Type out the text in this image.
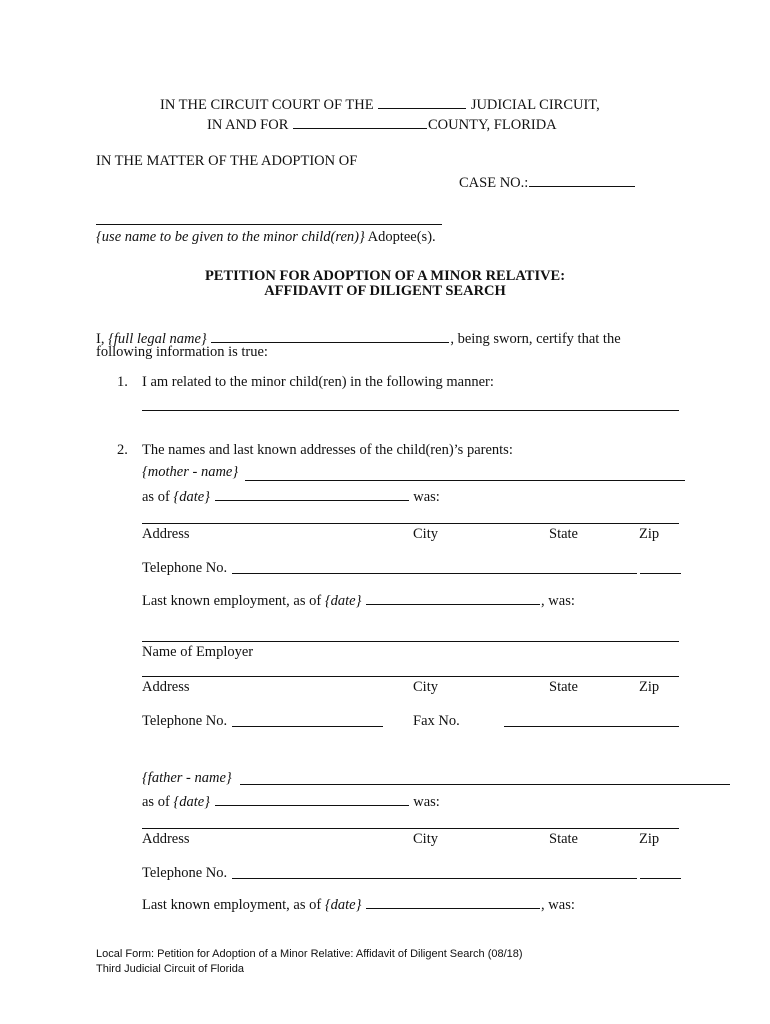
IN THE CIRCUIT COURT OF THE	JUDICIAL CIRCUIT,
IN AND FOR	COUNTY, FLORIDA
IN THE MATTER OF THE ADOPTION OF
CASE NO.:
{use name to be given to the minor child(ren)} Adoptee(s).
PETITION FOR ADOPTION OF A MINOR RELATIVE:
AFFIDAVIT OF DILIGENT SEARCH
I, {full legal name}	, being sworn, certify that the
following information is true:
1. I am related to the minor child(ren) in the following manner:
2. The names and last known addresses of the child(ren)’s parents:
{mother - name}
as of {date}	was:
Address	City	State	Zip
Telephone No.
Last known employment, as of {date}	, was:
Name of Employer
Address	City	State	Zip
Telephone No.	Fax No.
{father - name}
as of {date}	was:
Address	City	State	Zip
Telephone No.
Last known employment, as of {date}	, was:
Local Form: Petition for Adoption of a Minor Relative: Affidavit of Diligent Search (08/18)
Third Judicial Circuit of Florida
